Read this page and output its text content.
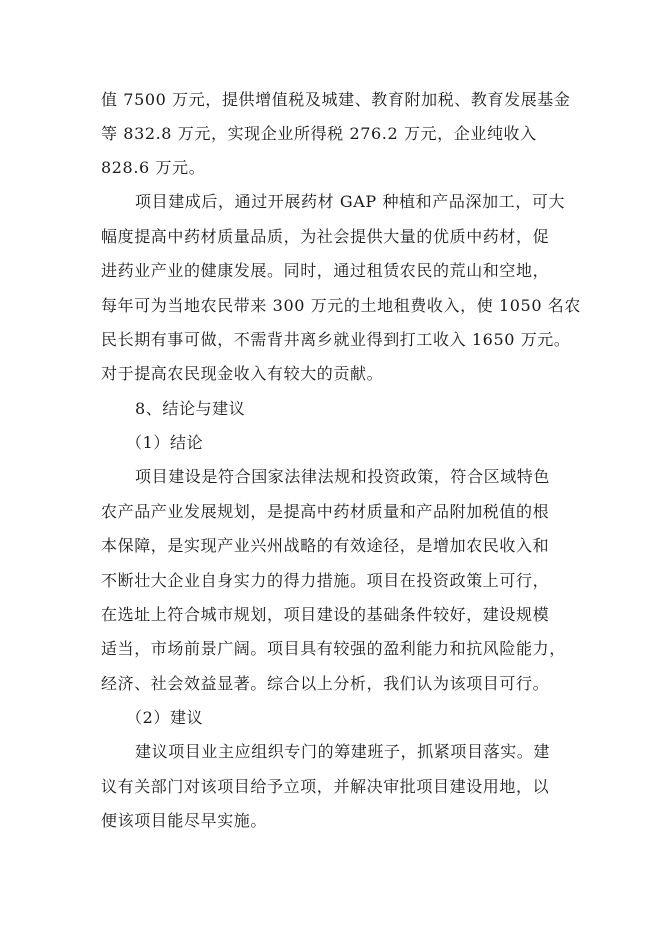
值 7500 万元，提供增值税及城建、教育附加税、教育发展基金
等 832.8 万元，实现企业所得税 276.2 万元，企业纯收入
828.6 万元。
项目建成后，通过开展药材 GAP 种植和产品深加工，可大
幅度提高中药材质量品质，为社会提供大量的优质中药材，促
进药业产业的健康发展。同时，通过租赁农民的荒山和空地，
每年可为当地农民带来 300 万元的土地租费收入，使 1050 名农
民长期有事可做，不需背井离乡就业得到打工收入 1650 万元。
对于提高农民现金收入有较大的贡献。
8、结论与建议
（1）结论
项目建设是符合国家法律法规和投资政策，符合区域特色
农产品产业发展规划，是提高中药材质量和产品附加税值的根
本保障，是实现产业兴州战略的有效途径，是增加农民收入和
不断壮大企业自身实力的得力措施。项目在投资政策上可行，
在选址上符合城市规划，项目建设的基础条件较好，建设规模
适当，市场前景广阔。项目具有较强的盈利能力和抗风险能力，
经济、社会效益显著。综合以上分析，我们认为该项目可行。
（2）建议
建议项目业主应组织专门的筹建班子，抓紧项目落实。建
议有关部门对该项目给予立项，并解决审批项目建设用地，以
便该项目能尽早实施。
